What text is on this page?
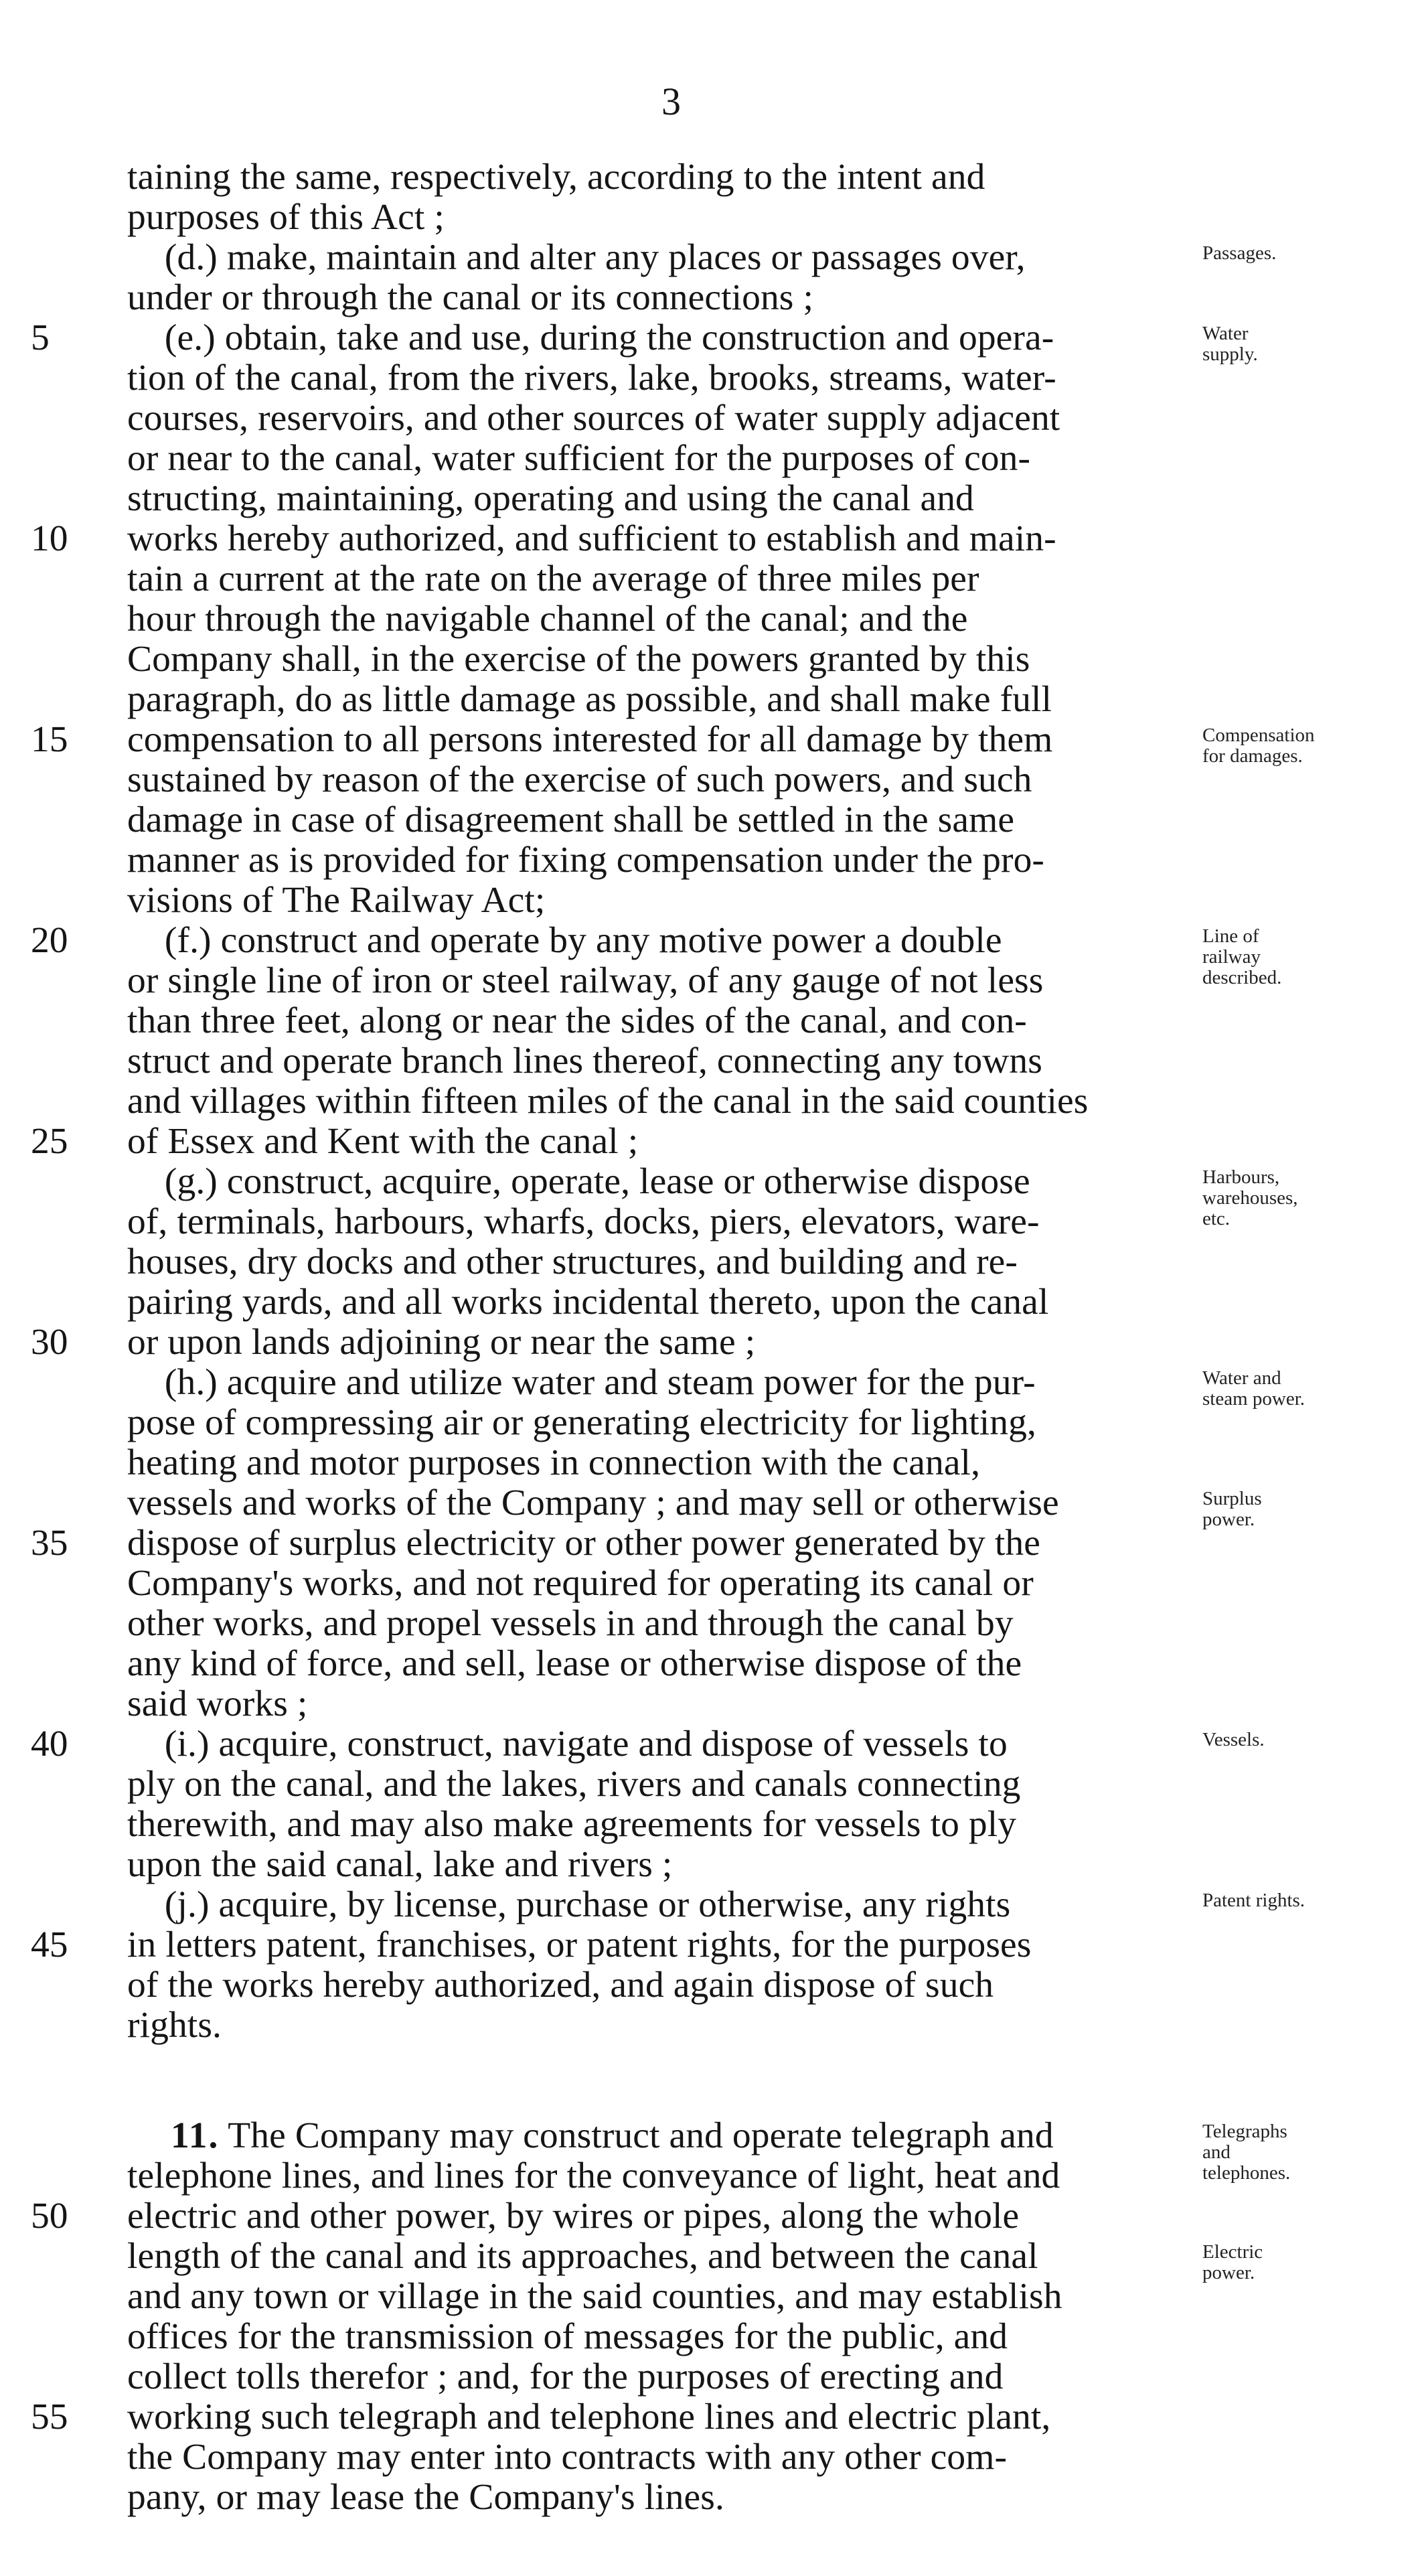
3
taining the same, respectively, according to the intent and
purposes of this Act ;
(d.) make, maintain and alter any places or passages over,
under or through the canal or its connections ;
(e.) obtain, take and use, during the construction and opera-
5
tion of the canal, from the rivers, lake, brooks, streams, water-
courses, reservoirs, and other sources of water supply adjacent
or near to the canal, water sufficient for the purposes of con-
structing, maintaining, operating and using the canal and
works hereby authorized, and sufficient to establish and main-
10
tain a current at the rate on the average of three miles per
hour through the navigable channel of the canal; and the
Company shall, in the exercise of the powers granted by this
paragraph, do as little damage as possible, and shall make full
compensation to all persons interested for all damage by them
15
sustained by reason of the exercise of such powers, and such
damage in case of disagreement shall be settled in the same
manner as is provided for fixing compensation under the pro-
visions of The Railway Act;
(f.) construct and operate by any motive power a double
20
or single line of iron or steel railway, of any gauge of not less
than three feet, along or near the sides of the canal, and con-
struct and operate branch lines thereof, connecting any towns
and villages within fifteen miles of the canal in the said counties
of Essex and Kent with the canal ;
25
(g.) construct, acquire, operate, lease or otherwise dispose
of, terminals, harbours, wharfs, docks, piers, elevators, ware-
houses, dry docks and other structures, and building and re-
pairing yards, and all works incidental thereto, upon the canal
or upon lands adjoining or near the same ;
30
(h.) acquire and utilize water and steam power for the pur-
pose of compressing air or generating electricity for lighting,
heating and motor purposes in connection with the canal,
vessels and works of the Company ; and may sell or otherwise
dispose of surplus electricity or other power generated by the
35
Company's works, and not required for operating its canal or
other works, and propel vessels in and through the canal by
any kind of force, and sell, lease or otherwise dispose of the
said works ;
(i.) acquire, construct, navigate and dispose of vessels to
40
ply on the canal, and the lakes, rivers and canals connecting
therewith, and may also make agreements for vessels to ply
upon the said canal, lake and rivers ;
(j.) acquire, by license, purchase or otherwise, any rights
in letters patent, franchises, or patent rights, for the purposes
45
of the works hereby authorized, and again dispose of such
rights.
11. The Company may construct and operate telegraph and
telephone lines, and lines for the conveyance of light, heat and
electric and other power, by wires or pipes, along the whole
50
length of the canal and its approaches, and between the canal
and any town or village in the said counties, and may establish
offices for the transmission of messages for the public, and
collect tolls therefor ; and, for the purposes of erecting and
working such telegraph and telephone lines and electric plant,
55
the Company may enter into contracts with any other com-
pany, or may lease the Company's lines.
Passages.
Water
supply.
Compensation
for damages.
Line of
railway
described.
Harbours,
warehouses,
etc.
Water and
steam power.
Surplus
power.
Vessels.
Patent rights.
Telegraphs
and
telephones.
Electric
power.
